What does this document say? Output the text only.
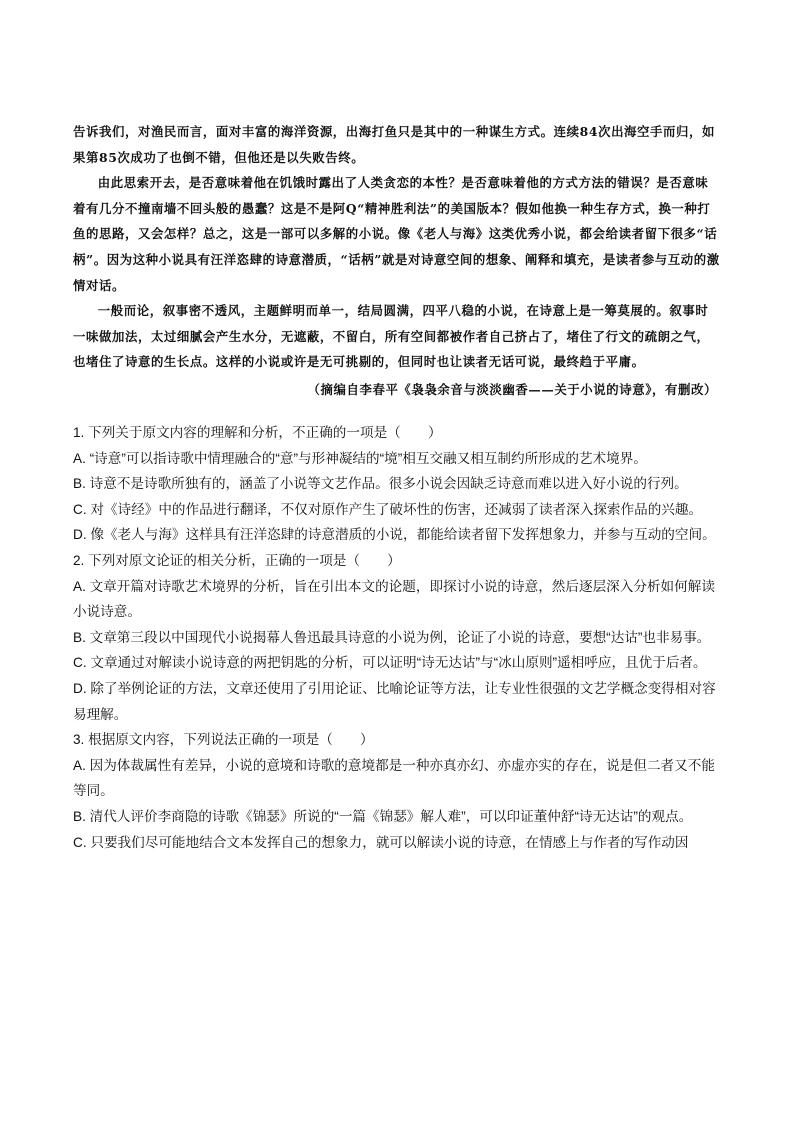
告诉我们，对渔民而言，面对丰富的海洋资源，出海打鱼只是其中的一种谋生方式。连续84次出海空手而归，如果第85次成功了也倒不错，但他还是以失败告终。

由此思索开去，是否意味着他在饥饿时露出了人类贪恋的本性？是否意味着他的方式方法的错误？是否意味着有几分不撞南墙不回头般的愚蠢？这是不是阿Q“精神胜利法”的美国版本？假如他换一种生存方式，换一种打鱼的思路，又会怎样？总之，这是一部可以多解的小说。像《老人与海》这类优秀小说，都会给读者留下很多“话柄”。因为这种小说具有汪洋恣肆的诗意潜质，“话柄”就是对诗意空间的想象、阐释和填充，是读者参与互动的激情对话。

一般而论，叙事密不透风，主题鲜明而单一，结局圆满，四平八稳的小说，在诗意上是一筹莫展的。叙事时一味做加法，太过细腻会产生水分，无遮蔽，不留白，所有空间都被作者自己挤占了，堵住了行文的疏朗之气，也堵住了诗意的生长点。这样的小说或许是无可挑剔的，但同时也让读者无话可说，最终趋于平庸。

（摘编自李春平《袅袅余音与淡淡幽香——关于小说的诗意》，有删改）

1. 下列关于原文内容的理解和分析，不正确的一项是（　　）

A. “诗意”可以指诗歌中情理融合的“意”与形神凝结的“境”相互交融又相互制约所形成的艺术境界。

B. 诗意不是诗歌所独有的，涵盖了小说等文艺作品。很多小说会因缺乏诗意而难以进入好小说的行列。

C. 对《诗经》中的作品进行翻译，不仅对原作产生了破坏性的伤害，还减弱了读者深入探索作品的兴趣。

D. 像《老人与海》这样具有汪洋恣肆的诗意潜质的小说，都能给读者留下发挥想象力，并参与互动的空间。

2. 下列对原文论证的相关分析，正确的一项是（　　）

A. 文章开篇对诗歌艺术境界的分析，旨在引出本文的论题，即探讨小说的诗意，然后逐层深入分析如何解读小说诗意。

B. 文章第三段以中国现代小说揭幕人鲁迅最具诗意的小说为例，论证了小说的诗意，要想“达诂”也非易事。

C. 文章通过对解读小说诗意的两把钥匙的分析，可以证明“诗无达诂”与“冰山原则”遥相呼应，且优于后者。

D. 除了举例论证的方法，文章还使用了引用论证、比喻论证等方法，让专业性很强的文艺学概念变得相对容易理解。

3. 根据原文内容，下列说法正确的一项是（　　）

A. 因为体裁属性有差异，小说的意境和诗歌的意境都是一种亦真亦幻、亦虚亦实的存在，说是但二者又不能等同。

B. 清代人评价李商隐的诗歌《锦瑟》所说的“一篇《锦瑟》解人难”，可以印证董仲舒“诗无达诂”的观点。

C. 只要我们尽可能地结合文本发挥自己的想象力，就可以解读小说的诗意，在情感上与作者的写作动因
